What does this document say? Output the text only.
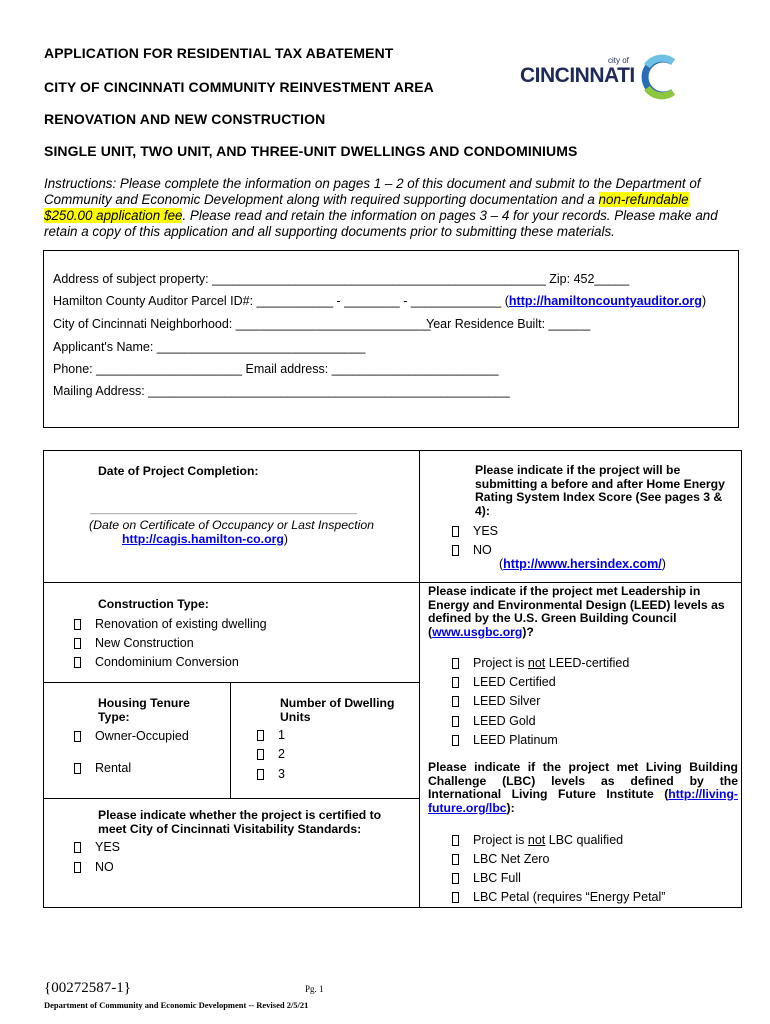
APPLICATION FOR RESIDENTIAL TAX ABATEMENT
CITY OF CINCINNATI COMMUNITY REINVESTMENT AREA
RENOVATION AND NEW CONSTRUCTION
SINGLE UNIT, TWO UNIT, AND THREE-UNIT DWELLINGS AND CONDOMINIUMS
city of
CINCINNATI
Instructions: Please complete the information on pages 1 – 2 of this document and submit to the Department of Community and Economic Development along with required supporting documentation and a non-refundable
$250.00 application fee. Please read and retain the information on pages 3 – 4 for your records. Please make and retain a copy of this application and all supporting documents prior to submitting these materials.
Address of subject property: ________________________________________________ Zip: 452_____
Hamilton County Auditor Parcel ID#: ___________ - ________ - _____________ (http://hamiltoncountyauditor.org)
City of Cincinnati Neighborhood: ____________________________
Year Residence Built: ______
Applicant's Name: ______________________________
Phone: _____________________ Email address: ________________________
Mailing Address: ____________________________________________________
Date of Project Completion:
________________________________________________
(Date on Certificate of Occupancy or Last Inspection
http://cagis.hamilton-co.org)
Please indicate if the project will be submitting a before and after Home Energy Rating System Index Score (See pages 3 & 4):
YES
NO
(http://www.hersindex.com/)
Construction Type:
Renovation of existing dwelling
New Construction
Condominium Conversion
Housing Tenure Type:
Owner-Occupied
Rental
Number of Dwelling Units
1
2
3
Please indicate whether the project is certified to meet City of Cincinnati Visitability Standards:
YES
NO
Please indicate if the project met Leadership in Energy and Environmental Design (LEED) levels as defined by the U.S. Green Building Council (www.usgbc.org)?
Project is not LEED-certified
LEED Certified
LEED Silver
LEED Gold
LEED Platinum
Please indicate if the project met Living Building Challenge (LBC) levels as defined by the International Living Future Institute (http://living-future.org/lbc):
Project is not LBC qualified
LBC Net Zero
LBC Full
LBC Petal (requires “Energy Petal”
{00272587-1}	Pg. 1
Department of Community and Economic Development -- Revised 2/5/21
